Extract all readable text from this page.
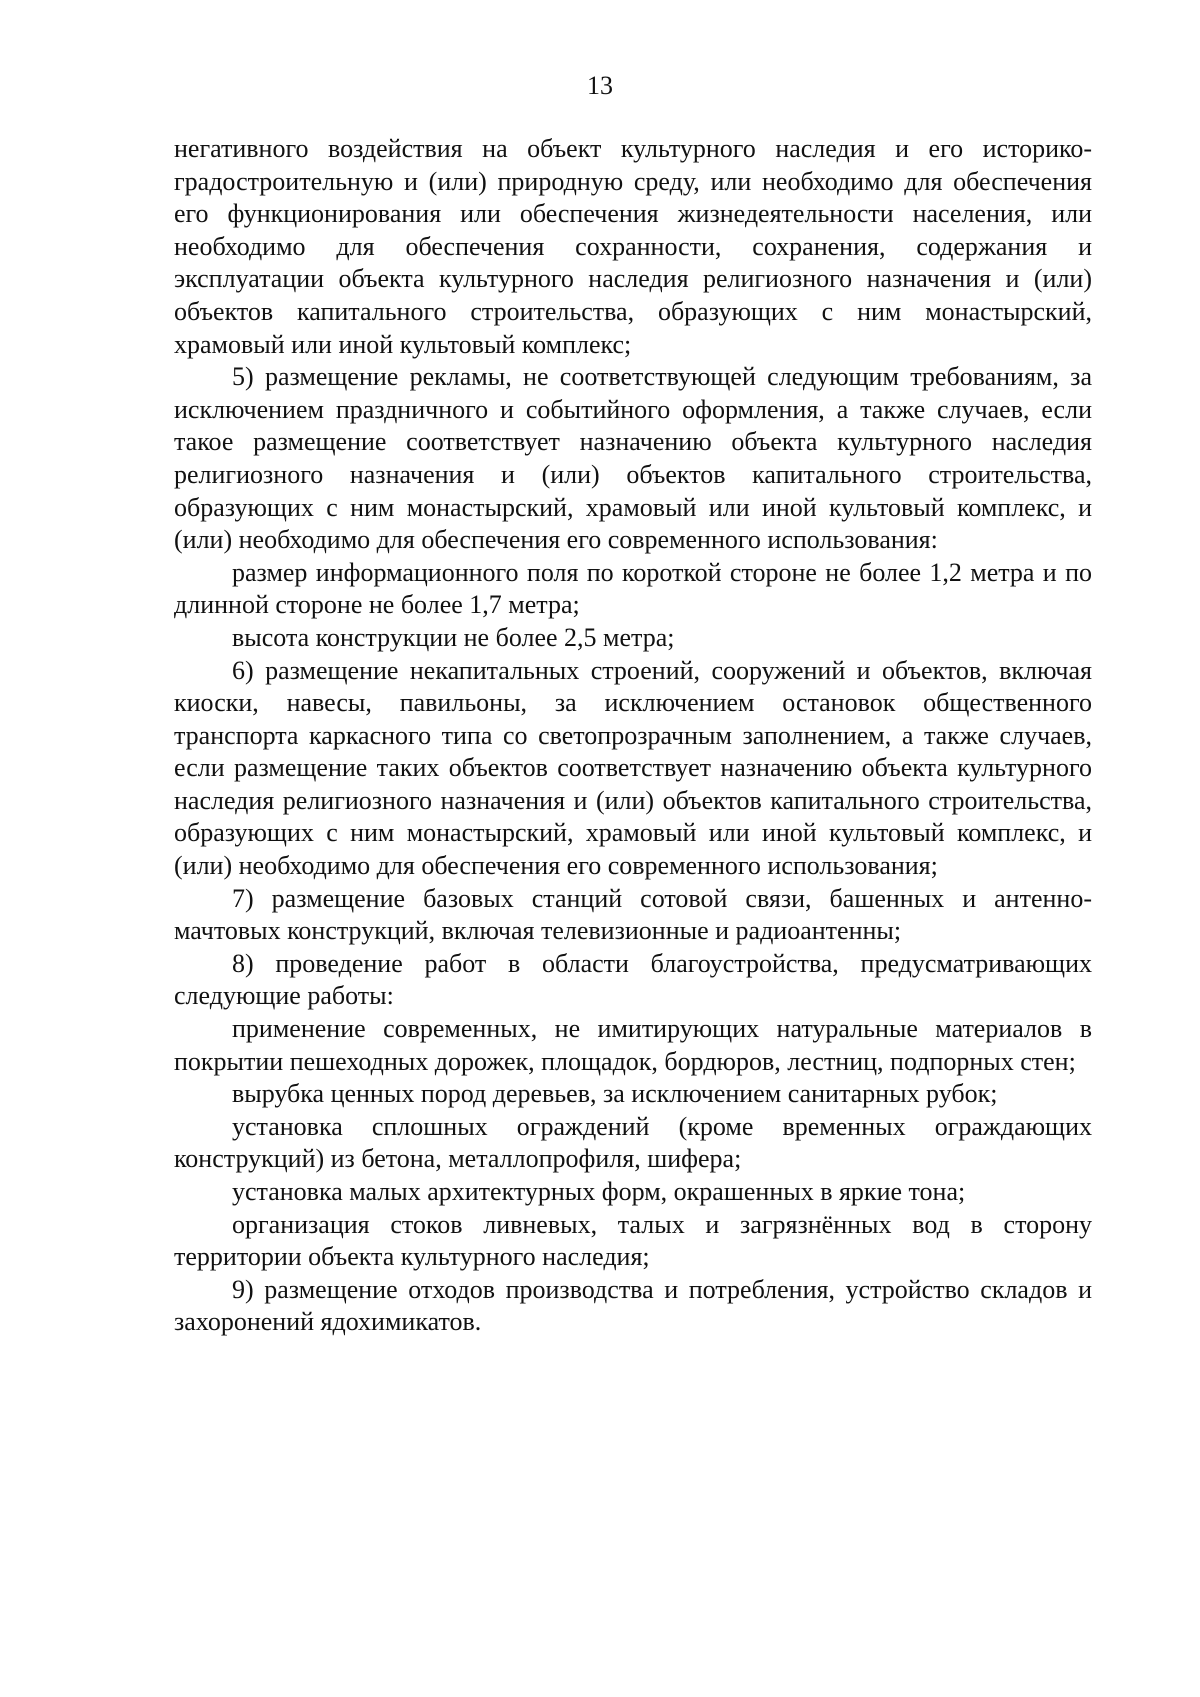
13

негативного воздействия на объект культурного наследия и его историко-градостроительную и (или) природную среду, или необходимо для обеспечения его функционирования или обеспечения жизнедеятельности населения, или необходимо для обеспечения сохранности, сохранения, содержания и эксплуатации объекта культурного наследия религиозного назначения и (или) объектов капитального строительства, образующих с ним монастырский, храмовый или иной культовый комплекс;

5) размещение рекламы, не соответствующей следующим требованиям, за исключением праздничного и событийного оформления, а также случаев, если такое размещение соответствует назначению объекта культурного наследия религиозного назначения и (или) объектов капитального строительства, образующих с ним монастырский, храмовый или иной культовый комплекс, и (или) необходимо для обеспечения его современного использования:

размер информационного поля по короткой стороне не более 1,2 метра и по длинной стороне не более 1,7 метра;

высота конструкции не более 2,5 метра;

6) размещение некапитальных строений, сооружений и объектов, включая киоски, навесы, павильоны, за исключением остановок общественного транспорта каркасного типа со светопрозрачным заполнением, а также случаев, если размещение таких объектов соответствует назначению объекта культурного наследия религиозного назначения и (или) объектов капитального строительства, образующих с ним монастырский, храмовый или иной культовый комплекс, и (или) необходимо для обеспечения его современного использования;

7) размещение базовых станций сотовой связи, башенных и антенно-мачтовых конструкций, включая телевизионные и радиоантенны;

8) проведение работ в области благоустройства, предусматривающих следующие работы:

применение современных, не имитирующих натуральные материалов в покрытии пешеходных дорожек, площадок, бордюров, лестниц, подпорных стен;

вырубка ценных пород деревьев, за исключением санитарных рубок;

установка сплошных ограждений (кроме временных ограждающих конструкций) из бетона, металлопрофиля, шифера;

установка малых архитектурных форм, окрашенных в яркие тона;

организация стоков ливневых, талых и загрязнённых вод в сторону территории объекта культурного наследия;

9) размещение отходов производства и потребления, устройство складов и захоронений ядохимикатов.
